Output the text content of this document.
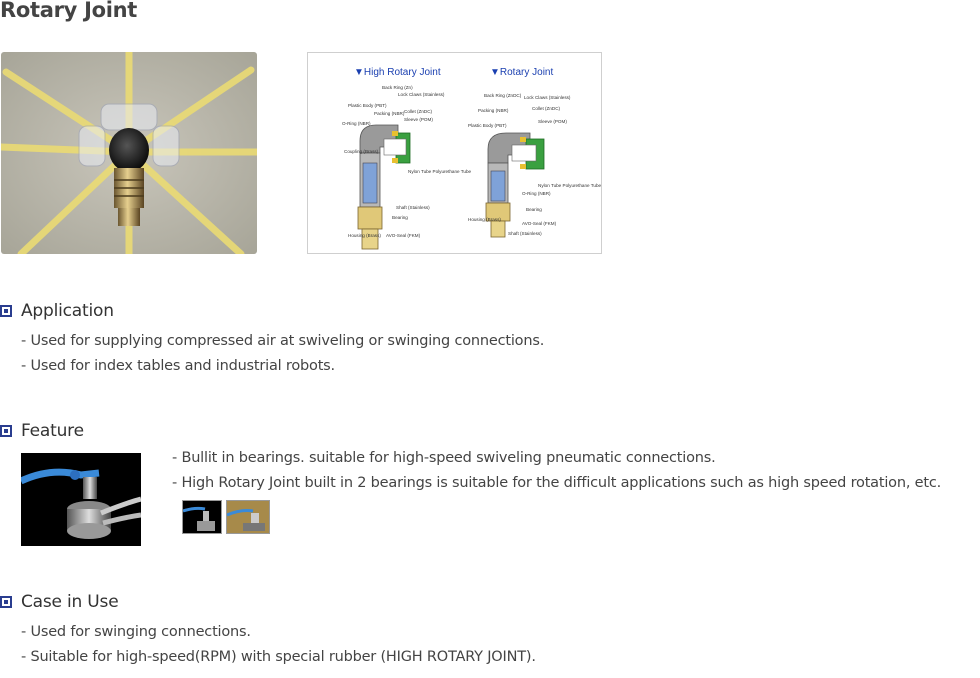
Rotary Joint
▼High Rotary Joint	▼Rotary Joint
Back Ring (Zn)
Lock Claws (Stainless)
Plastic Body (PBT)
Packing (NBR) Collet (ZnDC)
Sleeve (POM)
O-Ring (NBR)
Coupling (Brass)
Nylon Tube Polyurethane Tube
Shaft (Stainless)
Bearing
Housing (Brass) AVO-Seal (FKM)
Back Ring (ZnDC) Lock Claws (Stainless)
Packing (NBR)	Collet (ZnDC)
Plastic Body (PBT)
Sleeve (POM)
Nylon Tube Polyurethane Tube
O-Ring (NBR)
Bearing
Housing (Brass)
AVO-Seal (FKM)
Shaft (Stainless)
Application
- Used for supplying compressed air at swiveling or swinging connections.
- Used for index tables and industrial robots.
Feature
- Bullit in bearings. suitable for high-speed swiveling pneumatic connections.
- High Rotary Joint built in 2 bearings is suitable for the difficult applications such as high speed rotation, etc.
Case in Use
- Used for swinging connections.
- Suitable for high-speed(RPM) with special rubber (HIGH ROTARY JOINT).
